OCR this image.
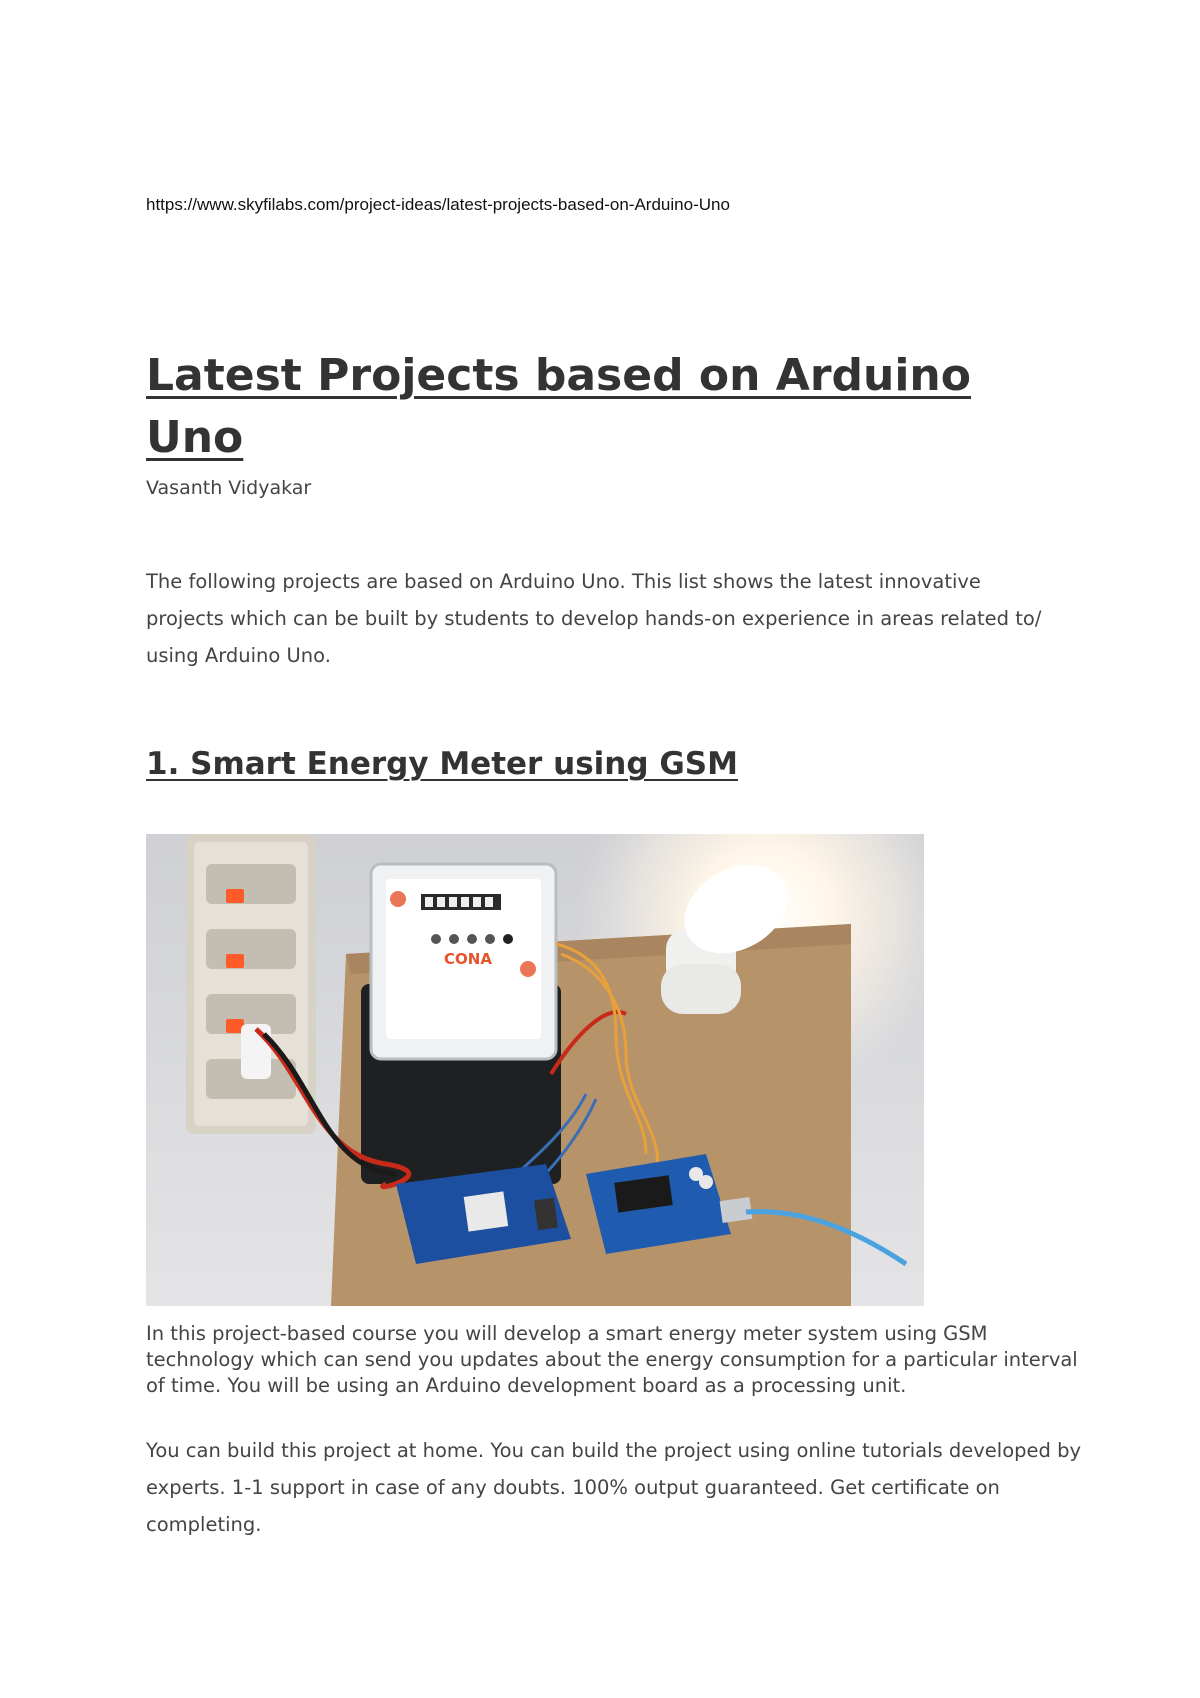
https://www.skyfilabs.com/project-ideas/latest-projects-based-on-Arduino-Uno
Latest Projects based on Arduino
Uno
Vasanth Vidyakar

The following projects are based on Arduino Uno. This list shows the latest innovative projects which can be built by students to develop hands-on experience in areas related to/ using Arduino Uno.

1. Smart Energy Meter using GSM
CONA

In this project-based course you will develop a smart energy meter system using GSM technology which can send you updates about the energy consumption for a particular interval of time. You will be using an Arduino development board as a processing unit.

You can build this project at home. You can build the project using online tutorials developed by experts. 1-1 support in case of any doubts. 100% output guaranteed. Get certificate on completing.
